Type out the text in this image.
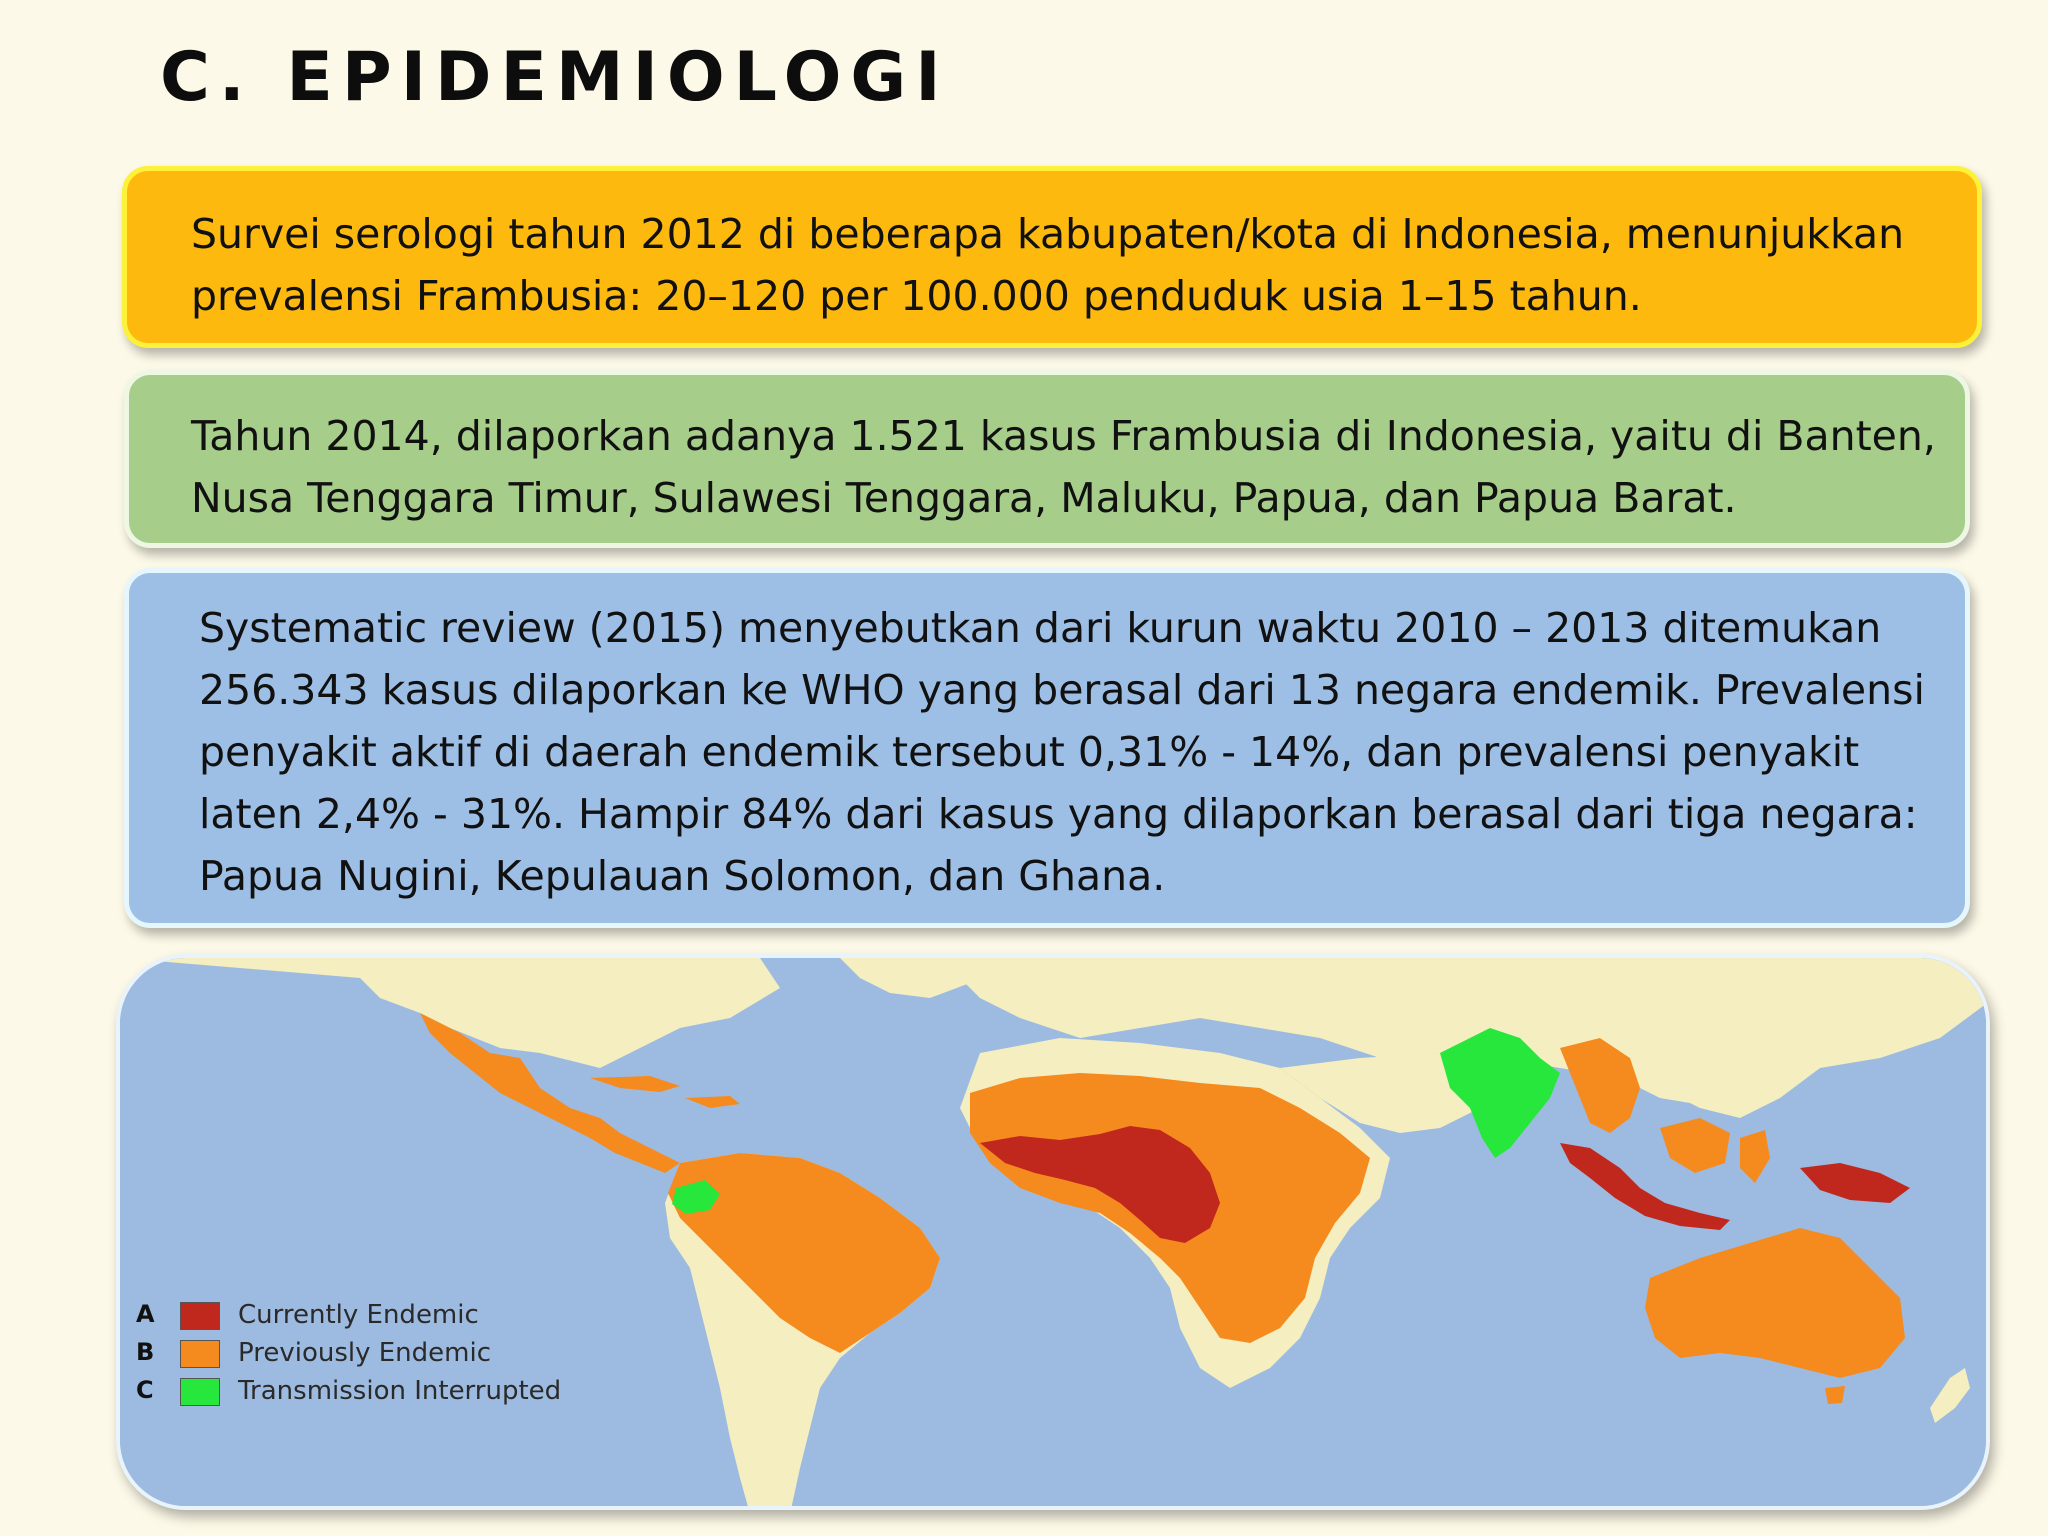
C. EPIDEMIOLOGI

Survei serologi tahun 2012 di beberapa kabupaten/kota di Indonesia, menunjukkan

prevalensi Frambusia: 20–120 per 100.000 penduduk usia 1–15 tahun.

Tahun 2014, dilaporkan adanya 1.521 kasus Frambusia di Indonesia, yaitu di Banten,

Nusa Tenggara Timur, Sulawesi Tenggara, Maluku, Papua, dan Papua Barat.

Systematic review (2015) menyebutkan dari kurun waktu 2010 – 2013 ditemukan

256.343 kasus dilaporkan ke WHO yang berasal dari 13 negara endemik. Prevalensi

penyakit aktif di daerah endemik tersebut 0,31% - 14%, dan prevalensi penyakit

laten 2,4% - 31%. Hampir 84% dari kasus yang dilaporkan berasal dari tiga negara:

Papua Nugini, Kepulauan Solomon, dan Ghana.

A	Currently Endemic
B	Previously Endemic
C	Transmission Interrupted
